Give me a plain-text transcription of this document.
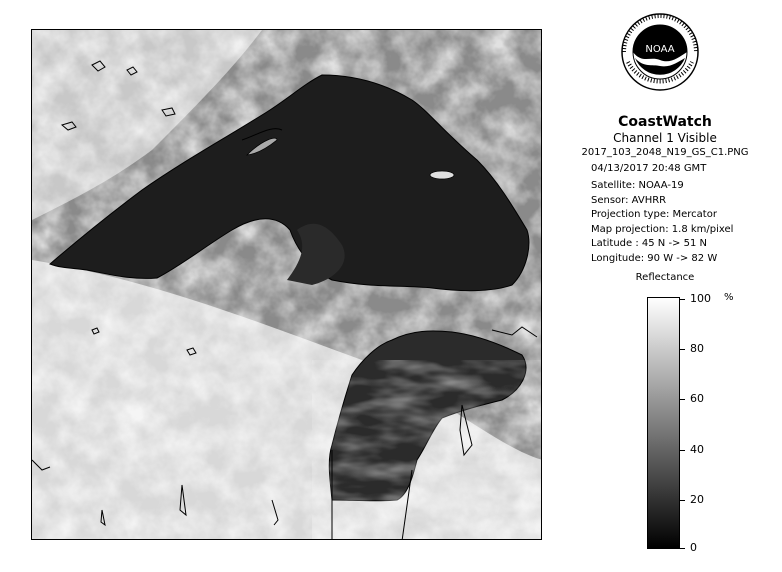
NOAA
CoastWatch
Channel 1 Visible
2017_103_2048_N19_GS_C1.PNG
04/13/2017 20:48 GMT
Satellite: NOAA-19
Sensor: AVHRR
Projection type: Mercator
Map projection: 1.8 km/pixel
Latitude : 45 N -> 51 N
Longitude: 90 W -> 82 W
Reflectance
%
100
80
60
40
20
0
